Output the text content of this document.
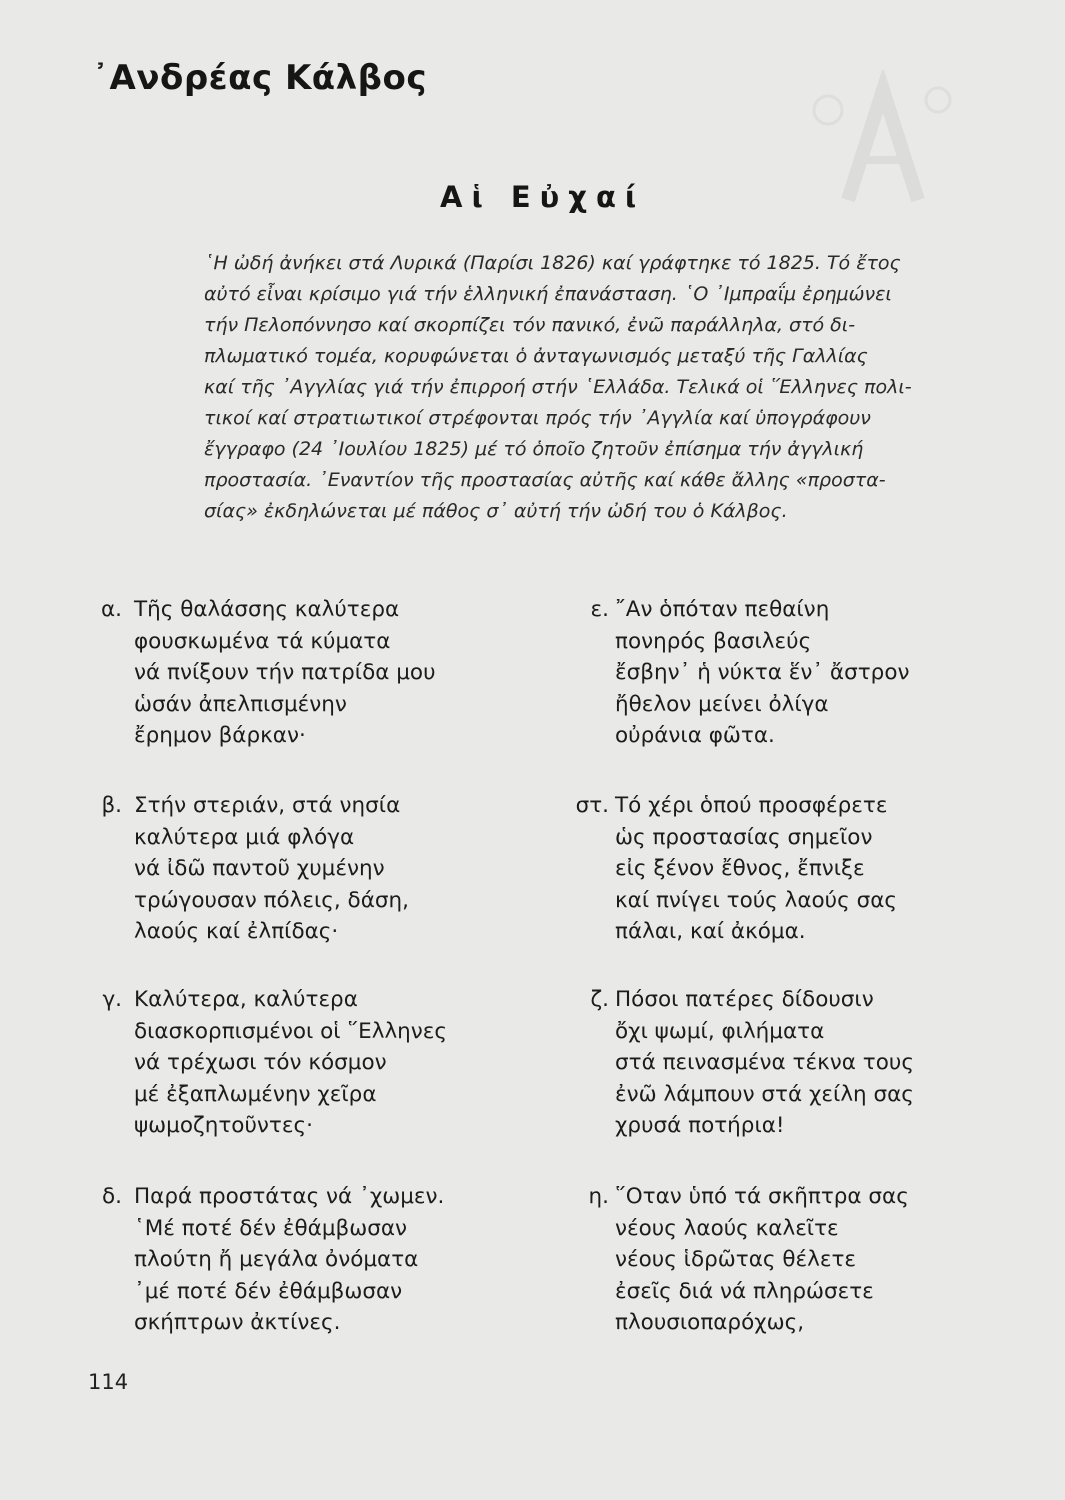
᾿Ανδρέας Κάλβος
Αἱ Εὐχαί
῾Η ὠδή ἀνήκει στά Λυρικά (Παρίσι 1826) καί γράφτηκε τό 1825. Τό ἔτος
αὐτό εἶναι κρίσιμο γιά τήν ἑλληνική ἐπανάσταση. ῾Ο ᾿Ιμπραΐμ ἐρημώνει
τήν Πελοπόννησο καί σκορπίζει τόν πανικό, ἐνῶ παράλληλα, στό δι-
πλωματικό τομέα, κορυφώνεται ὁ ἀνταγωνισμός μεταξύ τῆς Γαλλίας
καί τῆς ᾿Αγγλίας γιά τήν ἐπιρροή στήν ῾Ελλάδα. Τελικά οἱ ῞Ελληνες πολι-
τικοί καί στρατιωτικοί στρέφονται πρός τήν ᾿Αγγλία καί ὑπογράφουν
ἔγγραφο (24 ᾿Ιουλίου 1825) μέ τό ὁποῖο ζητοῦν ἐπίσημα τήν ἀγγλική
προστασία. ᾿Εναντίον τῆς προστασίας αὐτῆς καί κάθε ἄλλης «προστα-
σίας» ἐκδηλώνεται μέ πάθος σ᾿ αὐτή τήν ὠδή του ὁ Κάλβος.
α. Τῆς θαλάσσης καλύτερα
φουσκωμένα τά κύματα
νά πνίξουν τήν πατρίδα μου
ὡσάν ἀπελπισμένην
ἔρημον βάρκαν·
β. Στήν στεριάν, στά νησία
καλύτερα μιά φλόγα
νά ἰδῶ παντοῦ χυμένην
τρώγουσαν πόλεις, δάση,
λαούς καί ἐλπίδας·
γ. Καλύτερα, καλύτερα
διασκορπισμένοι οἱ ῞Ελληνες
νά τρέχωσι τόν κόσμον
μέ ἐξαπλωμένην χεῖρα
ψωμοζητοῦντες·
δ. Παρά προστάτας νά ᾿χωμεν.
῾Μέ ποτέ δέν ἐθάμβωσαν
πλούτη ἤ μεγάλα ὀνόματα
᾿μέ ποτέ δέν ἐθάμβωσαν
σκήπτρων ἀκτίνες.
ε. ῎Αν ὁπόταν πεθαίνη
πονηρός βασιλεύς
ἔσβην᾿ ἡ νύκτα ἕν᾿ ἄστρον
ἤθελον μείνει ὀλίγα
οὐράνια φῶτα.
στ. Τό χέρι ὁπού προσφέρετε
ὡς προστασίας σημεῖον
εἰς ξένον ἔθνος, ἔπνιξε
καί πνίγει τούς λαούς σας
πάλαι, καί ἀκόμα.
ζ. Πόσοι πατέρες δίδουσιν
ὄχι ψωμί, φιλήματα
στά πεινασμένα τέκνα τους
ἐνῶ λάμπουν στά χείλη σας
χρυσά ποτήρια!
η. ῞Οταν ὑπό τά σκῆπτρα σας
νέους λαούς καλεῖτε
νέους ἱδρῶτας θέλετε
ἐσεῖς διά νά πληρώσετε
πλουσιοπαρόχως,
114
